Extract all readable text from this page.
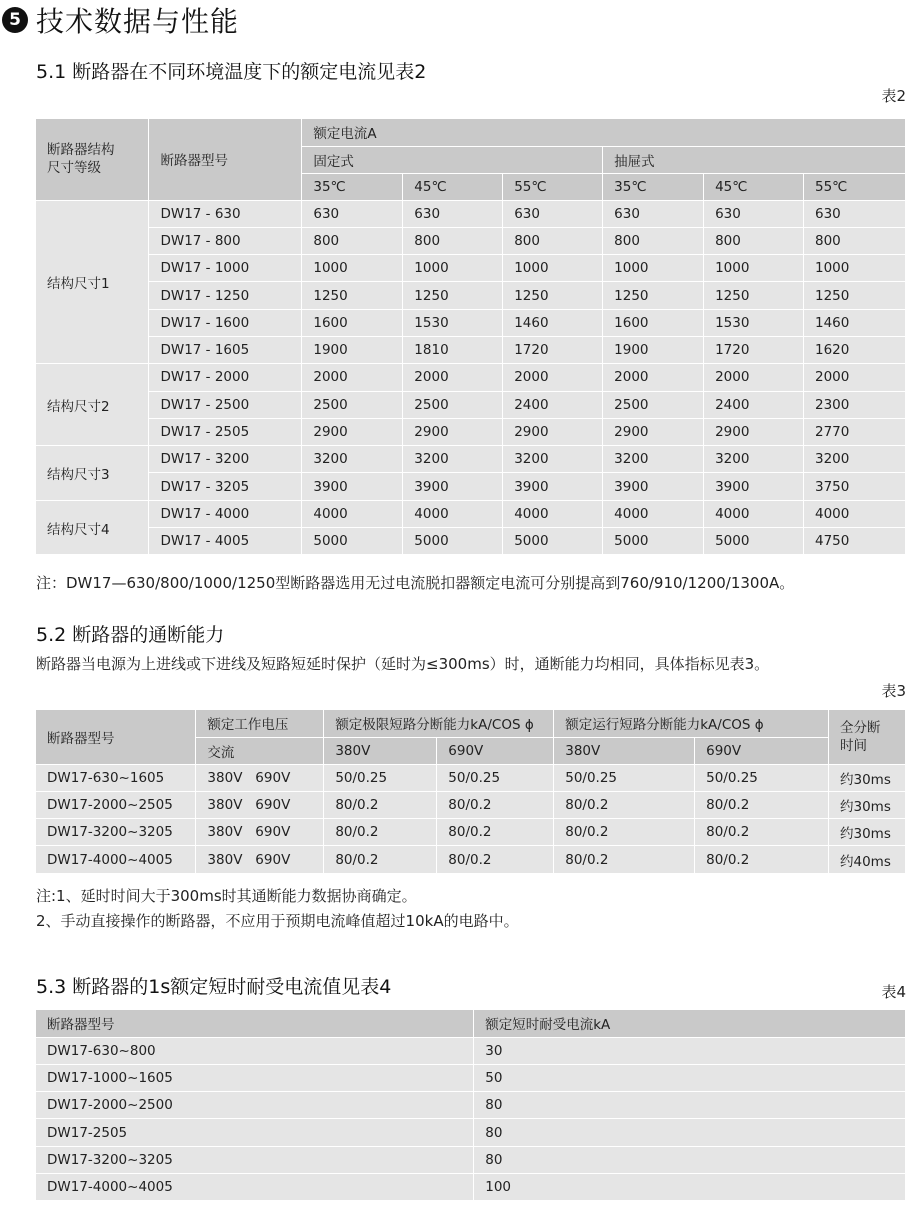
5 技术数据与性能
5.1 断路器在不同环境温度下的额定电流见表2
表2
断路器结构
尺寸等级	断路器型号	额定电流A					
		固定式			抽屉式		
		35℃	45℃	55℃	35℃	45℃	55℃
结构尺寸1	DW17 - 630	630	630	630	630	630	630
	DW17 - 800	800	800	800	800	800	800
	DW17 - 1000	1000	1000	1000	1000	1000	1000
	DW17 - 1250	1250	1250	1250	1250	1250	1250
	DW17 - 1600	1600	1530	1460	1600	1530	1460
	DW17 - 1605	1900	1810	1720	1900	1720	1620
结构尺寸2	DW17 - 2000	2000	2000	2000	2000	2000	2000
	DW17 - 2500	2500	2500	2400	2500	2400	2300
	DW17 - 2505	2900	2900	2900	2900	2900	2770
结构尺寸3	DW17 - 3200	3200	3200	3200	3200	3200	3200
	DW17 - 3205	3900	3900	3900	3900	3900	3750
结构尺寸4	DW17 - 4000	4000	4000	4000	4000	4000	4000
	DW17 - 4005	5000	5000	5000	5000	5000	4750
注：DW17—630/800/1000/1250型断路器选用无过电流脱扣器额定电流可分别提高到760/910/1200/1300A。
5.2 断路器的通断能力
断路器当电源为上进线或下进线及短路短延时保护（延时为≤300ms）时，通断能力均相同，具体指标见表3。
表3
断路器型号	额定工作电压	额定极限短路分断能力kA/COS ϕ		额定运行短路分断能力kA/COS ϕ		全分断
时间
	交流	380V	690V	380V	690V	
DW17-630~1605	380V   690V	50/0.25	50/0.25	50/0.25	50/0.25	约30ms
DW17-2000~2505	380V   690V	80/0.2	80/0.2	80/0.2	80/0.2	约30ms
DW17-3200~3205	380V   690V	80/0.2	80/0.2	80/0.2	80/0.2	约30ms
DW17-4000~4005	380V   690V	80/0.2	80/0.2	80/0.2	80/0.2	约40ms
注:1、延时时间大于300ms时其通断能力数据协商确定。
2、手动直接操作的断路器，不应用于预期电流峰值超过10kA的电路中。
5.3 断路器的1s额定短时耐受电流值见表4	表4
断路器型号	额定短时耐受电流kA
DW17-630~800	30
DW17-1000~1605	50
DW17-2000~2500	80
DW17-2505	80
DW17-3200~3205	80
DW17-4000~4005	100
